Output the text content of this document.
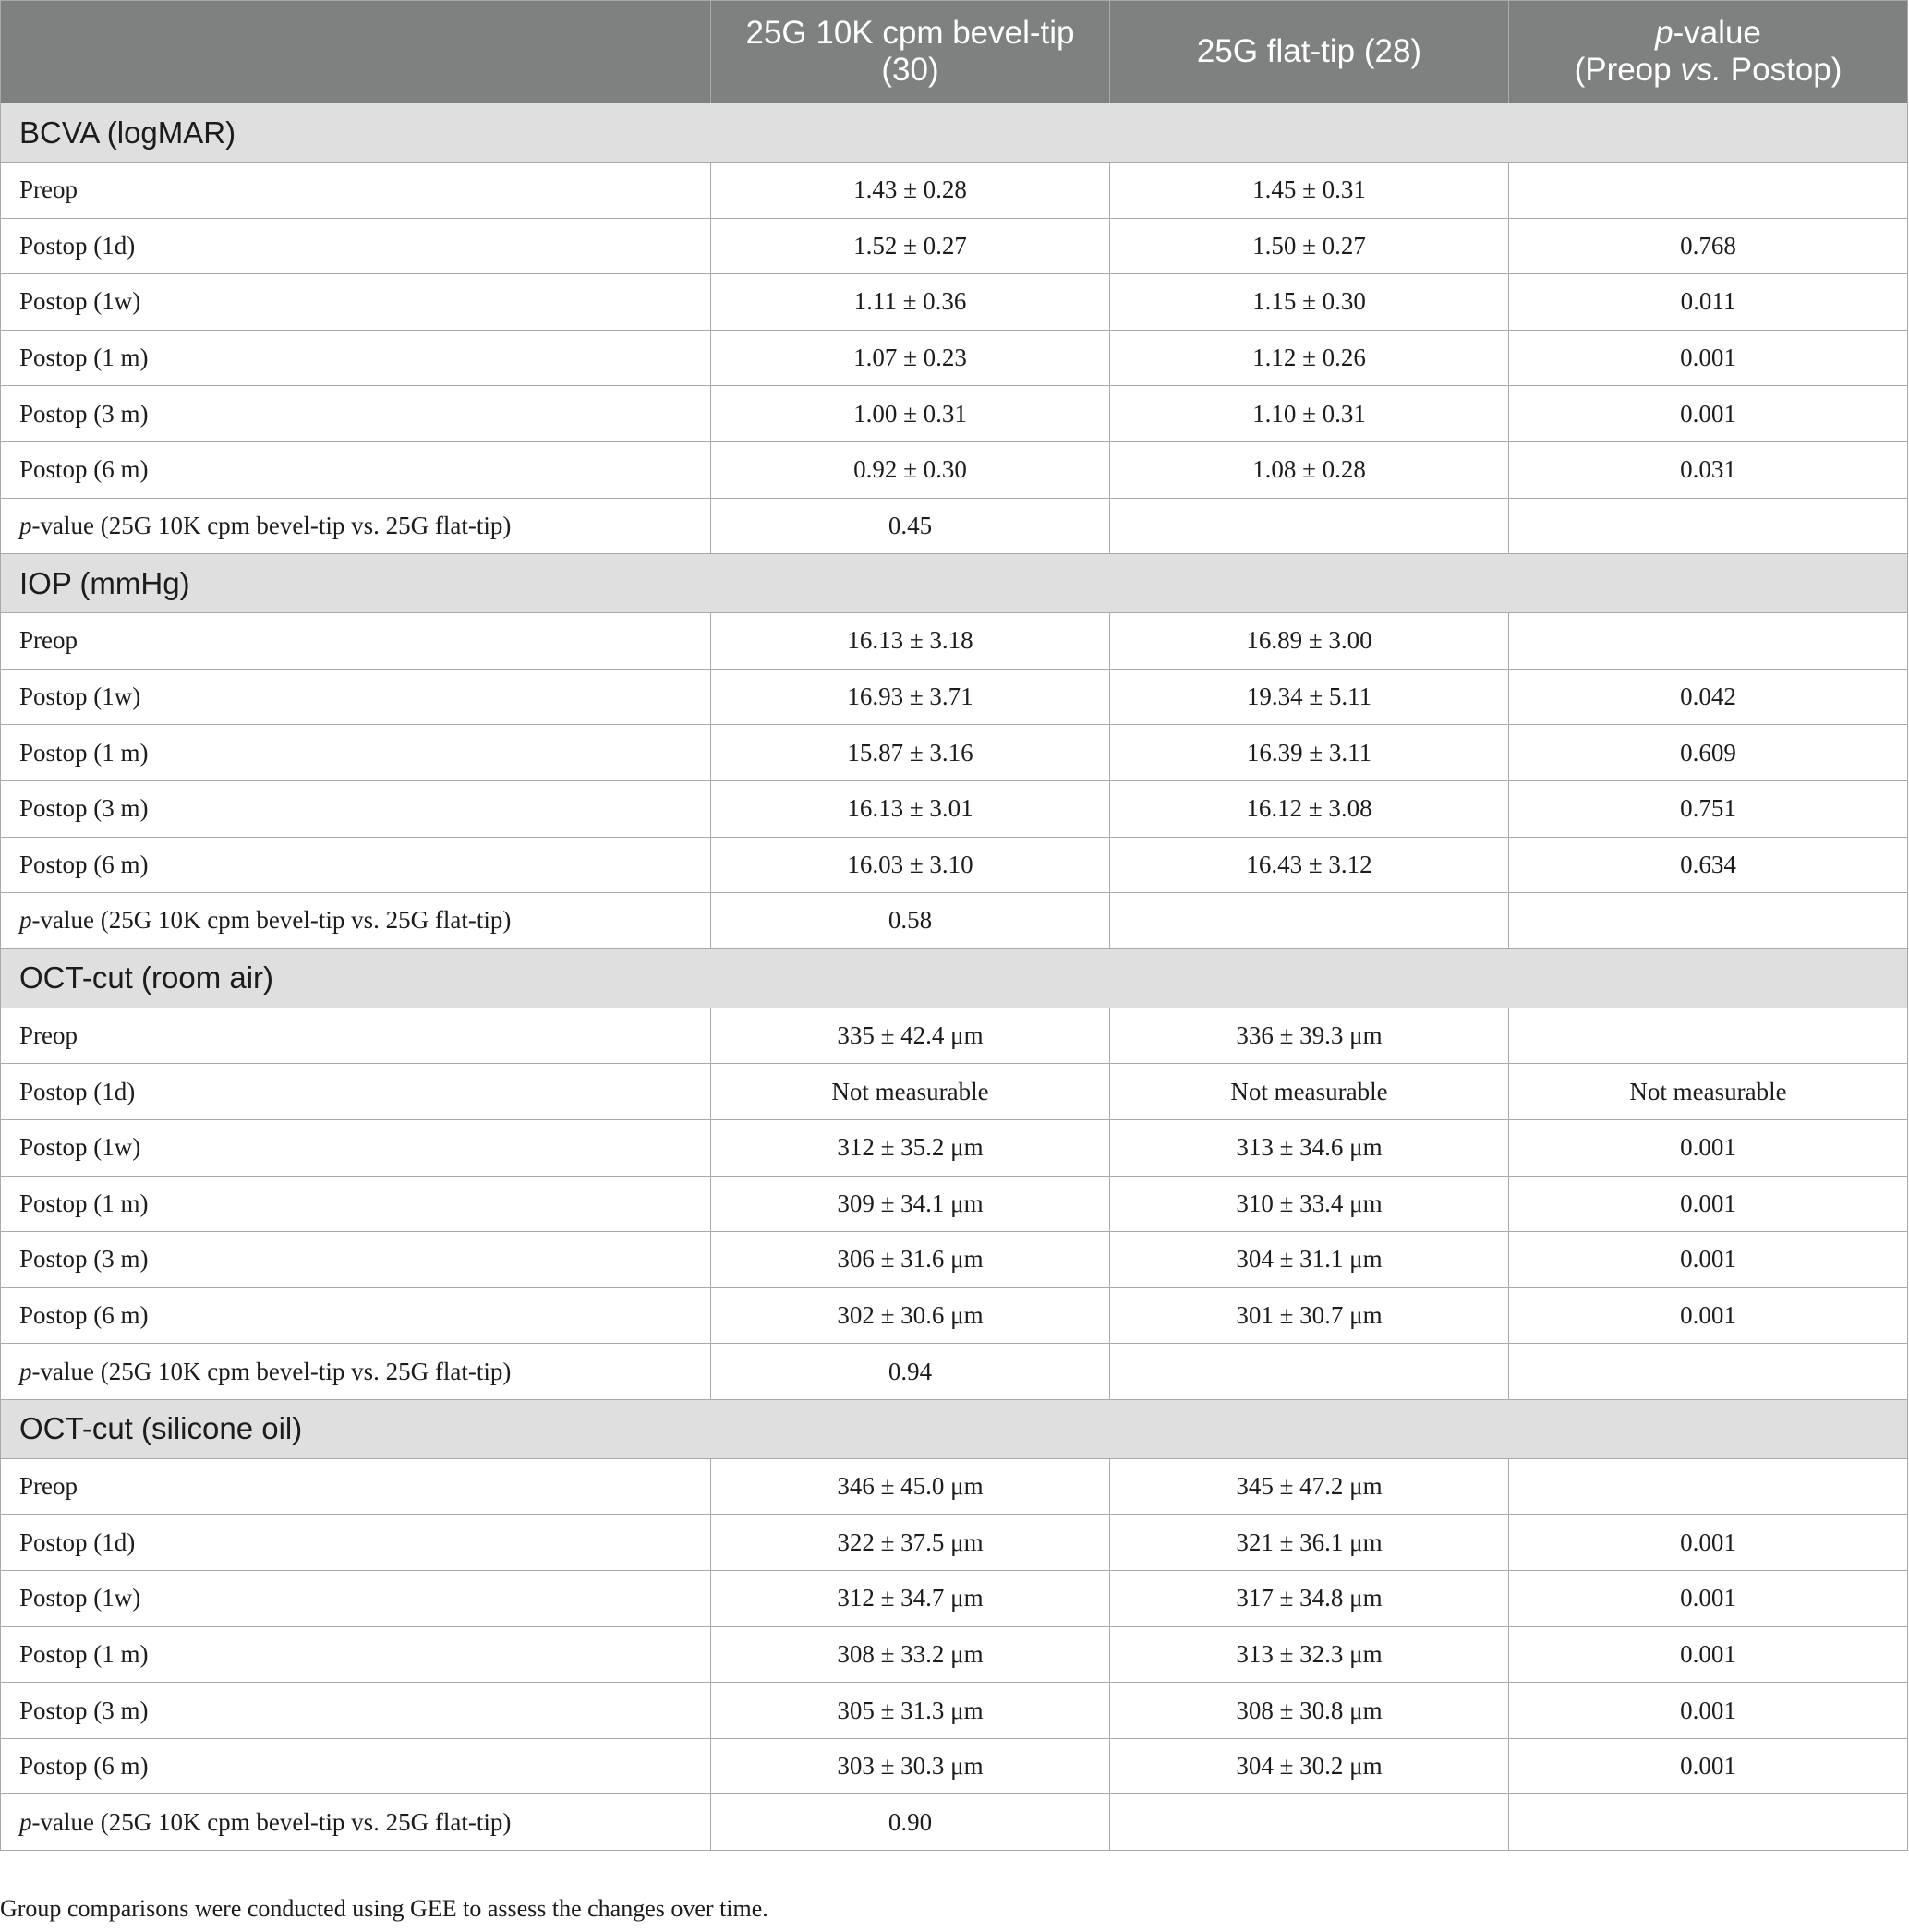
	25G 10K cpm bevel-tip (30)	25G flat-tip (28)	p-value
(Preop vs. Postop)

BCVA (logMAR)			
Preop	1.43 ± 0.28	1.45 ± 0.31	
Postop (1d)	1.52 ± 0.27	1.50 ± 0.27	0.768
Postop (1w)	1.11 ± 0.36	1.15 ± 0.30	0.011
Postop (1 m)	1.07 ± 0.23	1.12 ± 0.26	0.001
Postop (3 m)	1.00 ± 0.31	1.10 ± 0.31	0.001
Postop (6 m)	0.92 ± 0.30	1.08 ± 0.28	0.031
p-value (25G 10K cpm bevel-tip vs. 25G flat-tip)	0.45		
IOP (mmHg)			
Preop	16.13 ± 3.18	16.89 ± 3.00	
Postop (1w)	16.93 ± 3.71	19.34 ± 5.11	0.042
Postop (1 m)	15.87 ± 3.16	16.39 ± 3.11	0.609
Postop (3 m)	16.13 ± 3.01	16.12 ± 3.08	0.751
Postop (6 m)	16.03 ± 3.10	16.43 ± 3.12	0.634
p-value (25G 10K cpm bevel-tip vs. 25G flat-tip)	0.58		
OCT-cut (room air)			
Preop	335 ± 42.4 μm	336 ± 39.3 μm	
Postop (1d)	Not measurable	Not measurable	Not measurable
Postop (1w)	312 ± 35.2 μm	313 ± 34.6 μm	0.001
Postop (1 m)	309 ± 34.1 μm	310 ± 33.4 μm	0.001
Postop (3 m)	306 ± 31.6 μm	304 ± 31.1 μm	0.001
Postop (6 m)	302 ± 30.6 μm	301 ± 30.7 μm	0.001
p-value (25G 10K cpm bevel-tip vs. 25G flat-tip)	0.94		
OCT-cut (silicone oil)			
Preop	346 ± 45.0 μm	345 ± 47.2 μm	
Postop (1d)	322 ± 37.5 μm	321 ± 36.1 μm	0.001
Postop (1w)	312 ± 34.7 μm	317 ± 34.8 μm	0.001
Postop (1 m)	308 ± 33.2 μm	313 ± 32.3 μm	0.001
Postop (3 m)	305 ± 31.3 μm	308 ± 30.8 μm	0.001
Postop (6 m)	303 ± 30.3 μm	304 ± 30.2 μm	0.001
p-value (25G 10K cpm bevel-tip vs. 25G flat-tip)	0.90		
Group comparisons were conducted using GEE to assess the changes over time.
